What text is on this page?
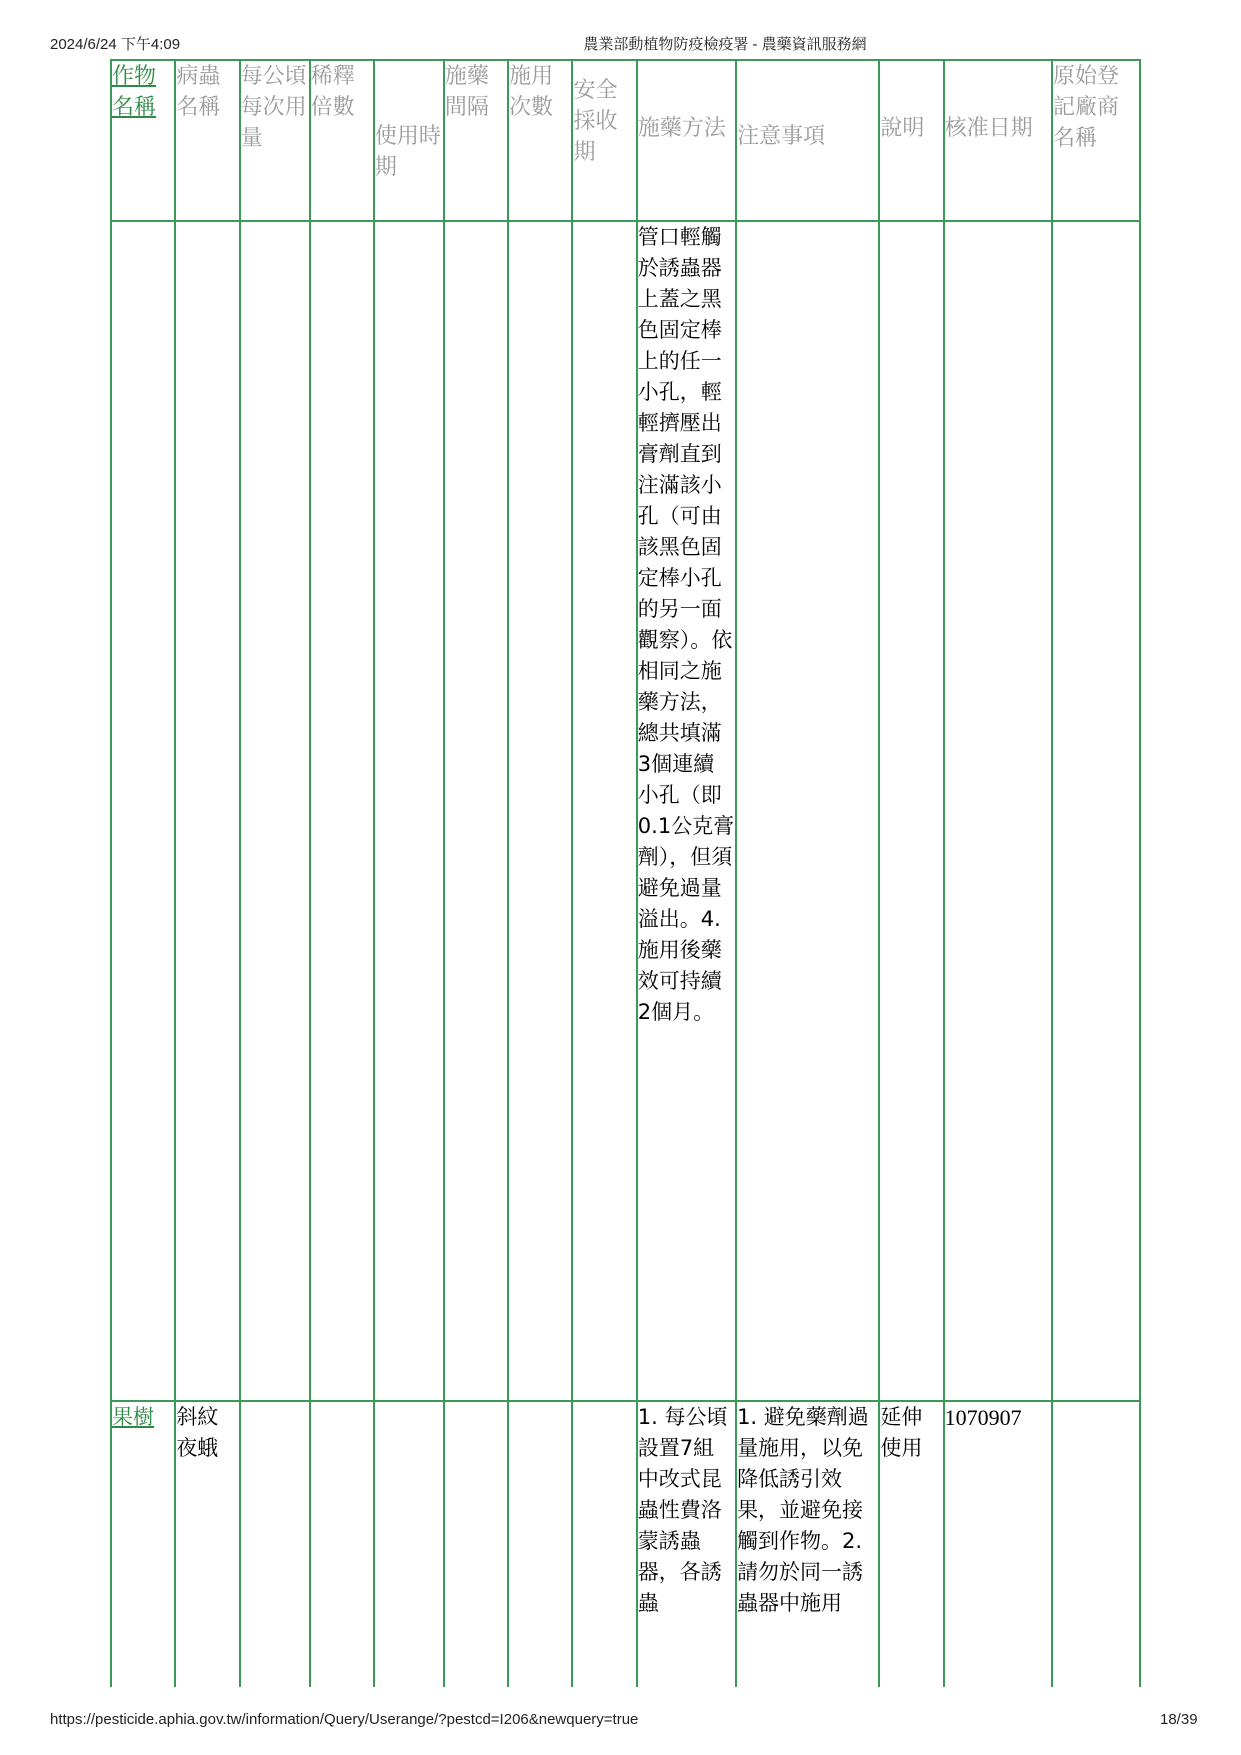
2024/6/24 下午4:09	農業部動植物防疫檢疫署 - 農藥資訊服務網
作物名稱	病蟲名稱	每公頃每次用量	稀釋倍數	使用時期	施藥間隔	施用次數	安全採收期	施藥方法	注意事項	說明	核准日期	原始登記廠商名稱

								管口輕觸於誘蟲器上蓋之黑色固定棒上的任一小孔，輕輕擠壓出膏劑直到注滿該小孔（可由該黑色固定棒小孔的另一面觀察）。依相同之施藥方法，總共填滿3個連續小孔（即0.1公克膏劑），但須避免過量溢出。4. 施用後藥效可持續2個月。				

果樹	斜紋夜蛾							1. 每公頃設置7組中改式昆蟲性費洛蒙誘蟲器，各誘蟲	1. 避免藥劑過量施用，以免降低誘引效果，並避免接觸到作物。2. 請勿於同一誘蟲器中施用	延伸使用	1070907	
https://pesticide.aphia.gov.tw/information/Query/Userange/?pestcd=I206&newquery=true	18/39
